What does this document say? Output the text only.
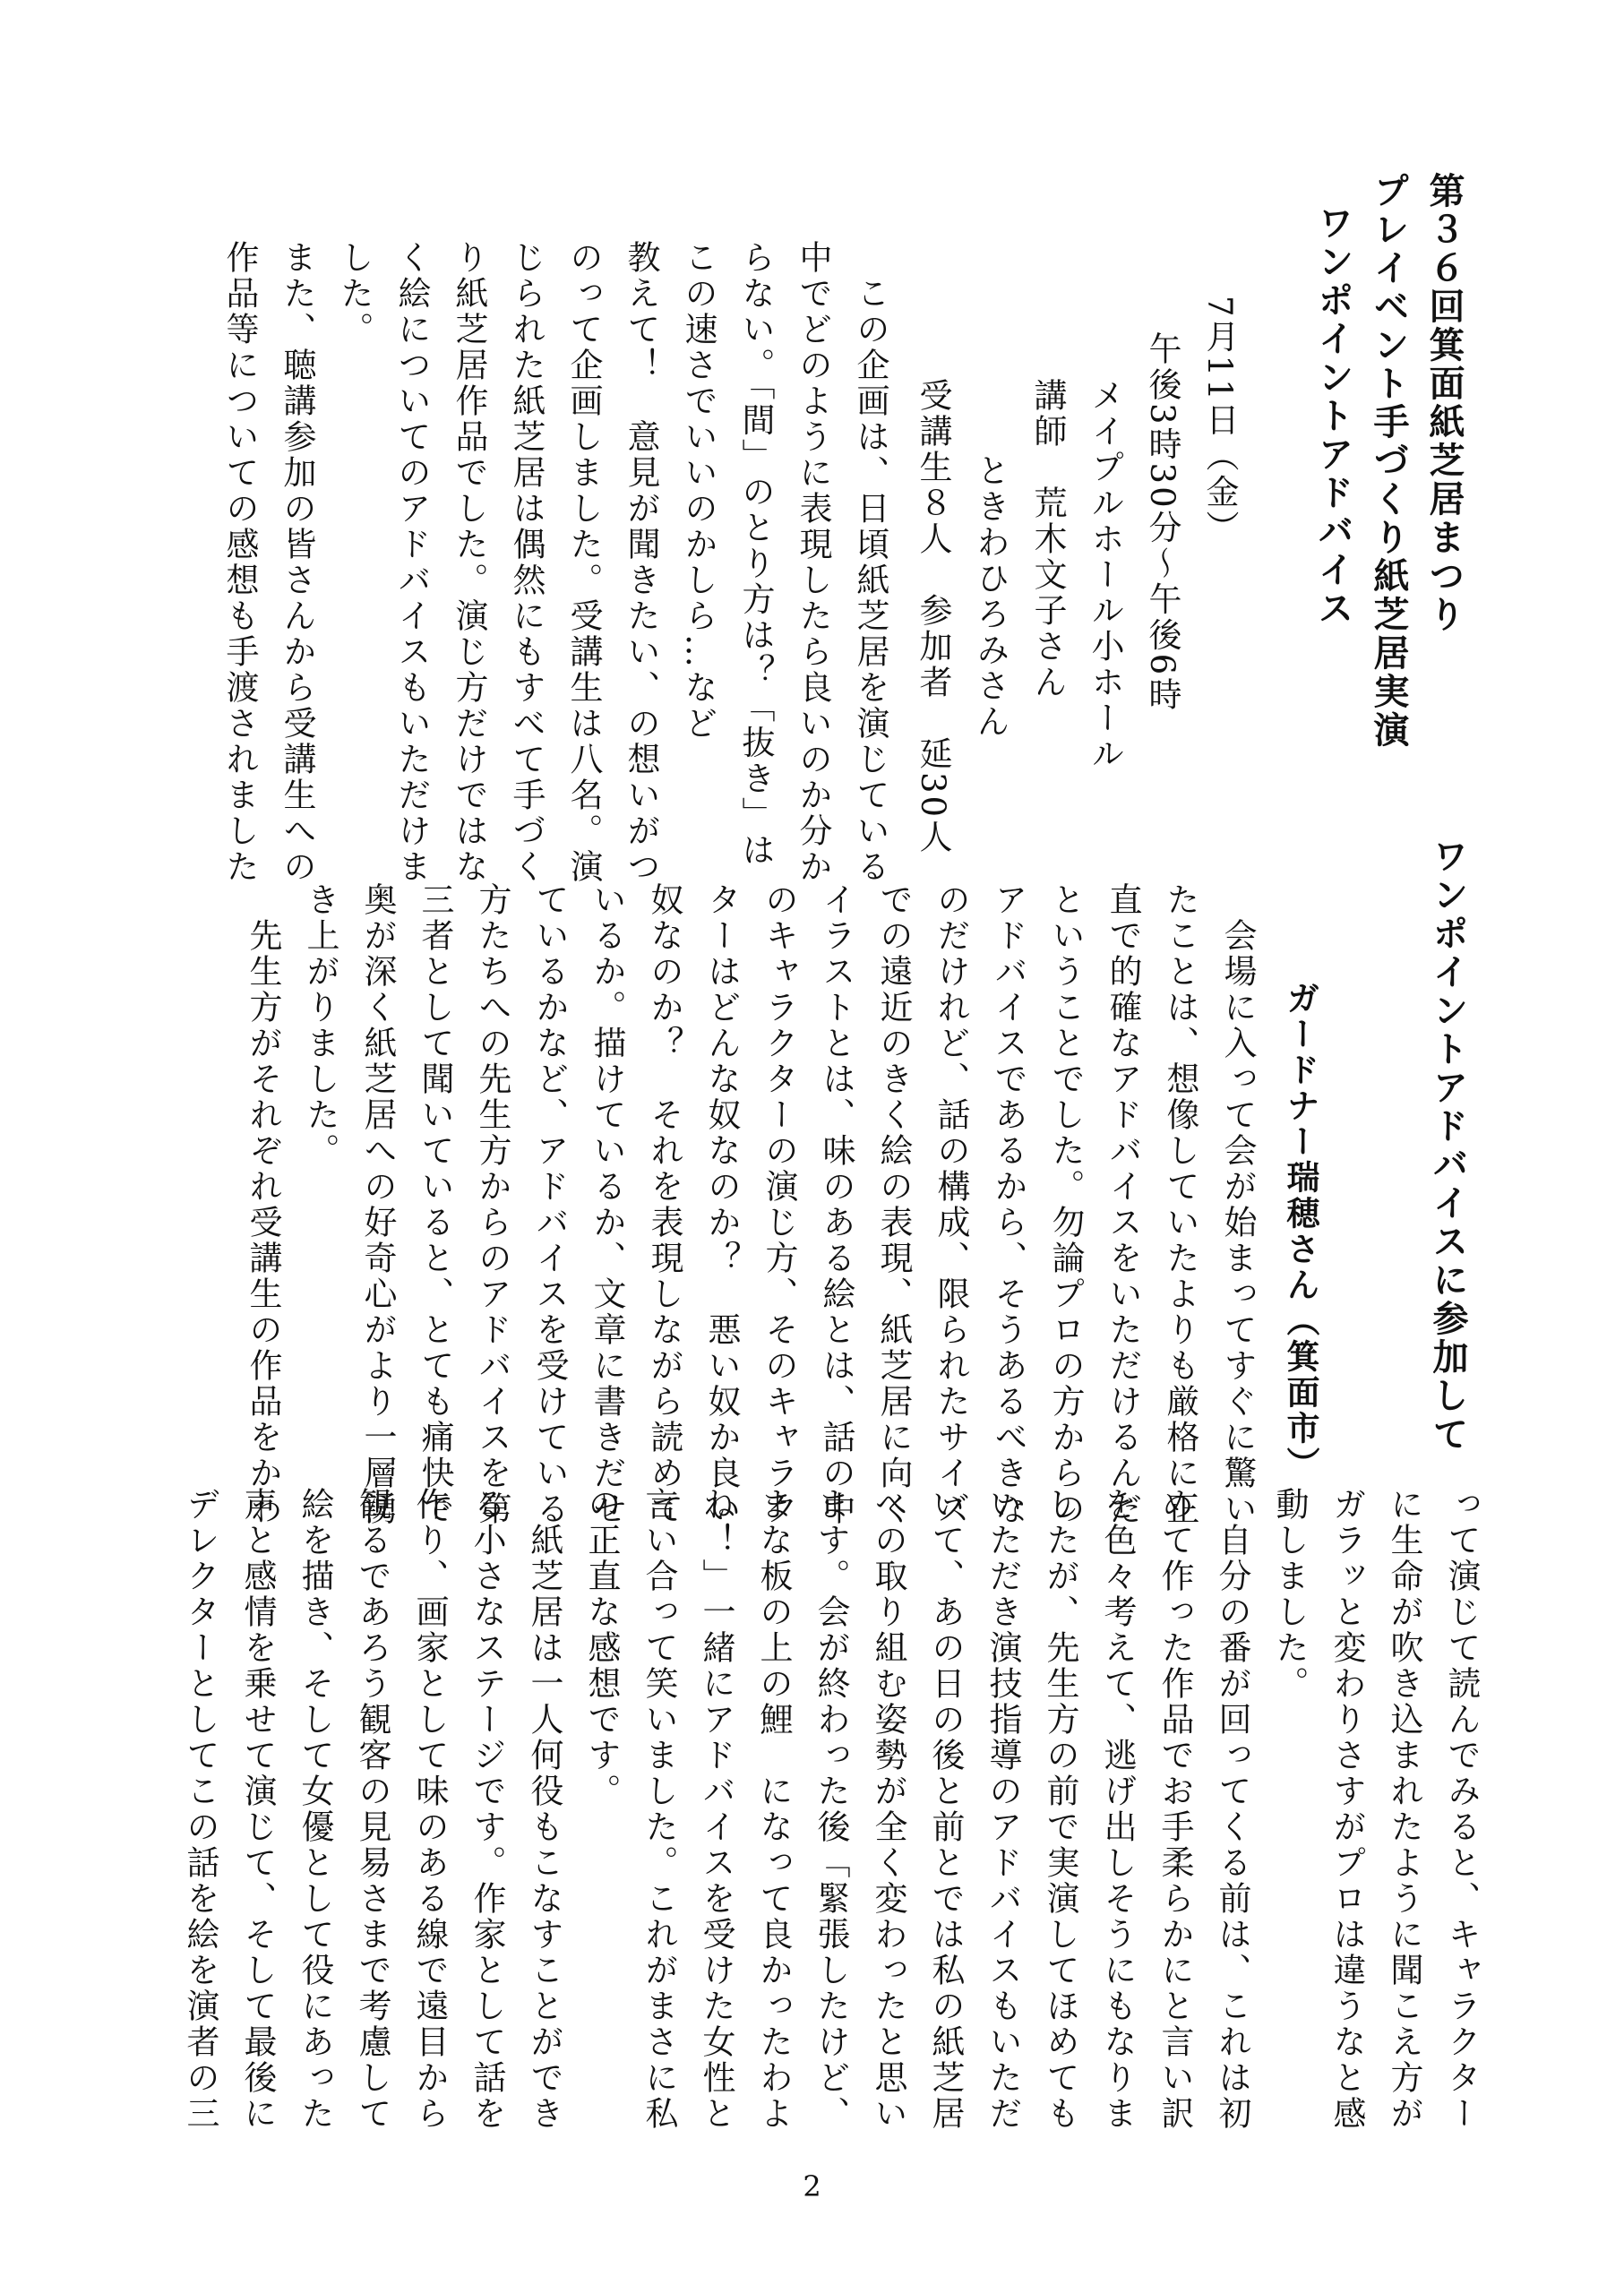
第３６回箕面紙芝居まつり
プレイベント手づくり紙芝居実演
ワンポイントアドバイス
7月11日（金）
午後3時30分～午後6時
メイプルホール小ホール
講師　荒木文子さん
ときわひろみさん
受講生８人　参加者　延30人
　この企画は、日頃紙芝居を演じている
中でどのように表現したら良いのか分か
らない。「間」のとり方は？「抜き」は
この速さでいいのかしら…など
教えて！　意見が聞きたい、の想いがつ
のって企画しました。受講生は八名。演
じられた紙芝居は偶然にもすべて手づく
り紙芝居作品でした。演じ方だけではな
く絵についてのアドバイスもいただけま
した。
また、聴講参加の皆さんから受講生への
作品等についての感想も手渡されました
ワンポイントアドバイスに参加して
ガードナー瑞穂さん（箕面市）
　会場に入って会が始まってすぐに驚い
たことは、想像していたよりも厳格に正
直で的確なアドバイスをいただけるんだ
ということでした。勿論プロの方からの
アドバイスであるから、そうあるべきな
のだけれど、話の構成、限られたサイズ
での遠近のきく絵の表現、紙芝居に向く
イラストとは、味のある絵とは、話の中
のキャラクターの演じ方、そのキャラク
ターはどんな奴なのか？　悪い奴か良い
奴なのか？　それを表現しながら読めて
いるか。描けているか、文章に書きだせ
ているかなど、アドバイスを受けている
方たちへの先生方からのアドバイスを第
三者として聞いていると、とても痛快で
奥が深く紙芝居への好奇心がより一層湧
き上がりました。
　先生方がそれぞれ受講生の作品をかわ
って演じて読んでみると、キャラクター
に生命が吹き込まれたように聞こえ方が
ガラッと変わりさすがプロは違うなと感
動しました。
　自分の番が回ってくる前は、これは初
めて作った作品でお手柔らかにと言い訳
を色々考えて、逃げ出しそうにもなりま
したが、先生方の前で実演してほめても
いただき演技指導のアドバイスもいただ
いて、あの日の後と前とでは私の紙芝居
への取り組む姿勢が全く変わったと思い
ます。会が終わった後「緊張したけど、
まな板の上の鯉　になって良かったわよ
ね！」一緒にアドバイスを受けた女性と
言い合って笑いました。これがまさに私
の正直な感想です。
　紙芝居は一人何役もこなすことができ
る小さなステージです。作家として話を
作り、画家として味のある線で遠目から
観るであろう観客の見易さまで考慮して
絵を描き、そして女優として役にあった
声と感情を乗せて演じて、そして最後に
デレクターとしてこの話を絵を演者の三
2
